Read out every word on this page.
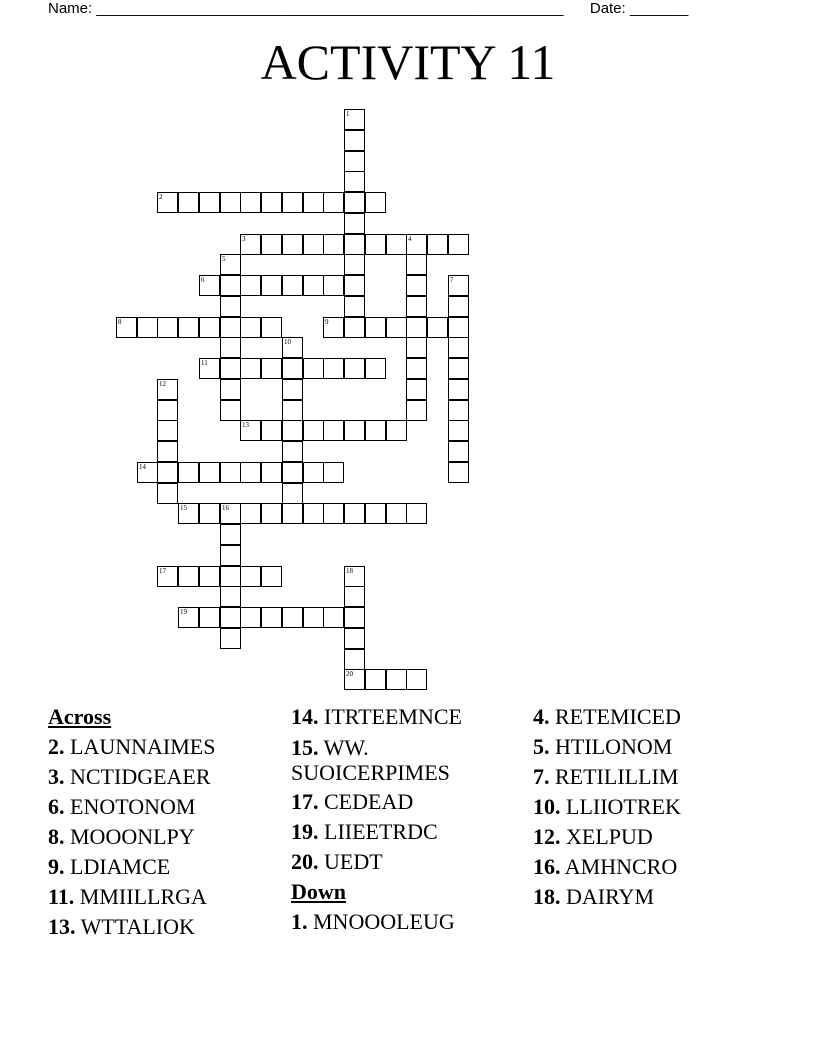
Name: ________________________________________________________ Date: _______
ACTIVITY 11
2
3
6
8	9
11
13
14
15
17
19
20
1
4
5
7
10
12
16
18
Across
2. LAUNNAIMES
3. NCTIDGEAER
6. ENOTONOM
8. MOOONLPY
9. LDIAMCE
11. MMIILLRGA
13. WTTALIOK
14. ITRTEEMNCE
15. WW. SUOICERPIMES
17. CEDEAD
19. LIIEETRDC
20. UEDT
Down
1. MNOOOLEUG
4. RETEMICED
5. HTILONOM
7. RETILILLIM
10. LLIIOTREK
12. XELPUD
16. AMHNCRO
18. DAIRYM
